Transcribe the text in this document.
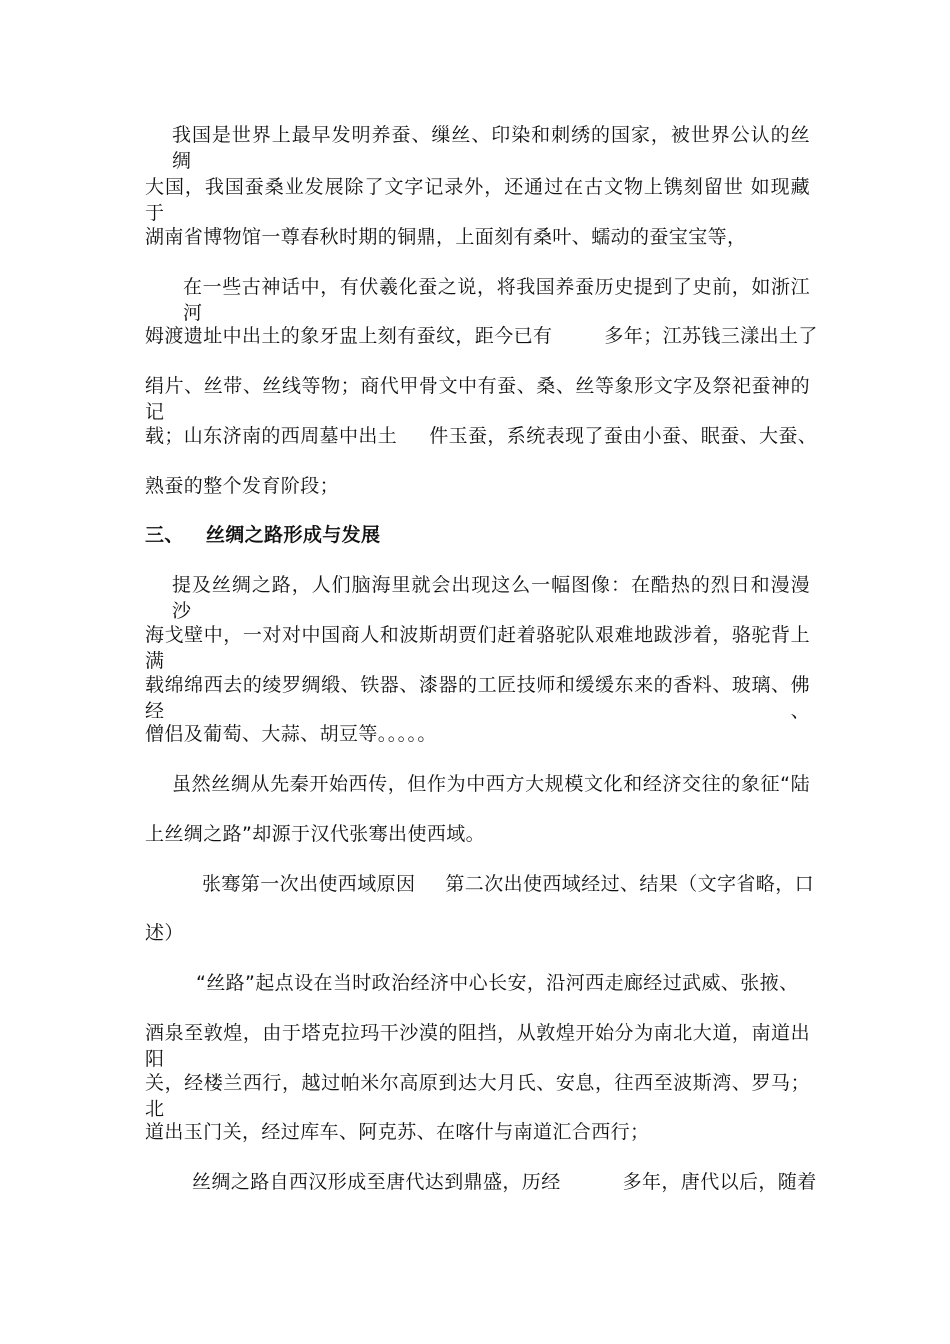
我国是世界上最早发明养蚕、缫丝、印染和刺绣的国家，被世界公认的丝绸
大国，我国蚕桑业发展除了文字记录外，还通过在古文物上镌刻留世 如现藏于
湖南省博物馆一尊春秋时期的铜鼎，上面刻有桑叶、蠕动的蚕宝宝等，
在一些古神话中，有伏羲化蚕之说，将我国养蚕历史提到了史前，如浙江河
姆渡遗址中出土的象牙盅上刻有蚕纹，距今已有	多年；江苏钱三漾出土了
绢片、丝带、丝线等物；商代甲骨文中有蚕、桑、丝等象形文字及祭祀蚕神的记
载；山东济南的西周墓中出土 件玉蚕，系统表现了蚕由小蚕、眠蚕、大蚕、
熟蚕的整个发育阶段；
三、 丝绸之路形成与发展
提及丝绸之路，人们脑海里就会出现这么一幅图像：在酷热的烈日和漫漫沙
海戈壁中，一对对中国商人和波斯胡贾们赶着骆驼队艰难地跋涉着，骆驼背上满
载绵绵西去的绫罗绸缎、铁器、漆器的工匠技师和缓缓东来的香料、玻璃、佛经、
僧侣及葡萄、大蒜、胡豆等。。。。。
虽然丝绸从先秦开始西传，但作为中西方大规模文化和经济交往的象征“陆
上丝绸之路”却源于汉代张骞出使西域。
张骞第一次出使西域原因 第二次出使西域经过、结果（文字省略，口
述）
“丝路”起点设在当时政治经济中心长安，沿河西走廊经过武威、张掖、
酒泉至敦煌，由于塔克拉玛干沙漠的阻挡，从敦煌开始分为南北大道，南道出阳
关，经楼兰西行，越过帕米尔高原到达大月氏、安息，往西至波斯湾、罗马；北
道出玉门关，经过库车、阿克苏、在喀什与南道汇合西行；
丝绸之路自西汉形成至唐代达到鼎盛，历经	多年，唐代以后，随着
